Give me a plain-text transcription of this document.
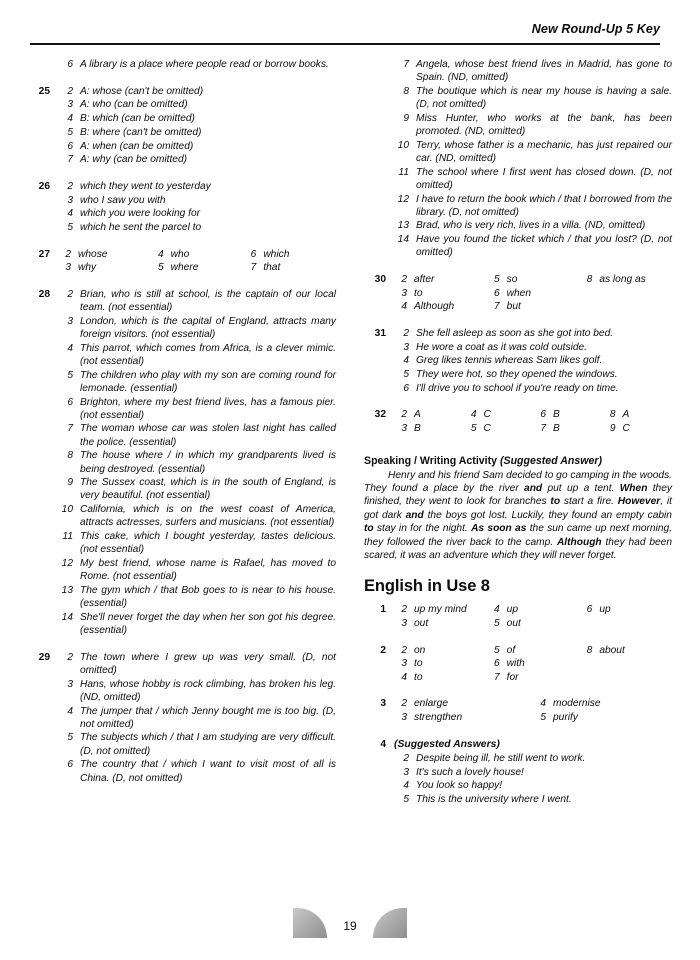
New Round-Up 5 Key
6 A library is a place where people read or borrow books.
25	2 A: whose (can't be omitted)
3 A: who (can be omitted)
4 B: which (can be omitted)
5 B: where (can't be omitted)
6 A: when (can be omitted)
7 A: why (can be omitted)
26	2 which they went to yesterday
3 who I saw you with
4 which you were looking for
5 which he sent the parcel to
27	2 whose	4 who	6 which
3 why	5 where	7 that
28	2 Brian, who is still at school, is the captain of our local team. (not essential)
3 London, which is the capital of England, attracts many foreign visitors. (not essential)
4 This parrot, which comes from Africa, is a clever mimic. (not essential)
5 The children who play with my son are coming round for lemonade. (essential)
6 Brighton, where my best friend lives, has a famous pier. (not essential)
7 The woman whose car was stolen last night has called the police. (essential)
8 The house where / in which my grandparents lived is being destroyed. (essential)
9 The Sussex coast, which is in the south of England, is very beautiful. (not essential)
10 California, which is on the west coast of America, attracts actresses, surfers and musicians. (not essential)
11 This cake, which I bought yesterday, tastes delicious. (not essential)
12 My best friend, whose name is Rafael, has moved to Rome. (not essential)
13 The gym which / that Bob goes to is near to his house. (essential)
14 She'll never forget the day when her son got his degree. (essential)
29	2 The town where I grew up was very small. (D, not omitted)
3 Hans, whose hobby is rock climbing, has broken his leg. (ND, omitted)
4 The jumper that / which Jenny bought me is too big. (D, not omitted)
5 The subjects which / that I am studying are very difficult. (D, not omitted)
6 The country that / which I want to visit most of all is China. (D, not omitted)
7 Angela, whose best friend lives in Madrid, has gone to Spain. (ND, omitted)
8 The boutique which is near my house is having a sale. (D, not omitted)
9 Miss Hunter, who works at the bank, has been promoted. (ND, omitted)
10 Terry, whose father is a mechanic, has just repaired our car. (ND, omitted)
11 The school where I first went has closed down. (D, not omitted)
12 I have to return the book which / that I borrowed from the library. (D, not omitted)
13 Brad, who is very rich, lives in a villa. (ND, omitted)
14 Have you found the ticket which / that you lost? (D, not omitted)
30	2 after	5 so	8 as long as
3 to	6 when
4 Although	7 but
31	2 She fell asleep as soon as she got into bed.
3 He wore a coat as it was cold outside.
4 Greg likes tennis whereas Sam likes golf.
5 They were hot, so they opened the windows.
6 I'll drive you to school if you're ready on time.
32	2 A	4 C	6 B	8 A
3 B	5 C	7 B	9 C
Speaking / Writing Activity (Suggested Answer)

Henry and his friend Sam decided to go camping in the woods. They found a place by the river and put up a tent. When they finished, they went to look for branches to start a fire. However, it got dark and the boys got lost. Luckily, they found an empty cabin to stay in for the night. As soon as the sun came up next morning, they followed the river back to the camp. Although they had been scared, it was an adventure which they will never forget.

English in Use 8
1	2 up my mind	4 up	6 up
3 out	5 out
2	2 on	5 of	8 about
3 to	6 with
4 to	7 for
3	2 enlarge	4 modernise
3 strengthen	5 purify
4 (Suggested Answers)
2 Despite being ill, he still went to work.
3 It's such a lovely house!
4 You look so happy!
5 This is the university where I went.
19
